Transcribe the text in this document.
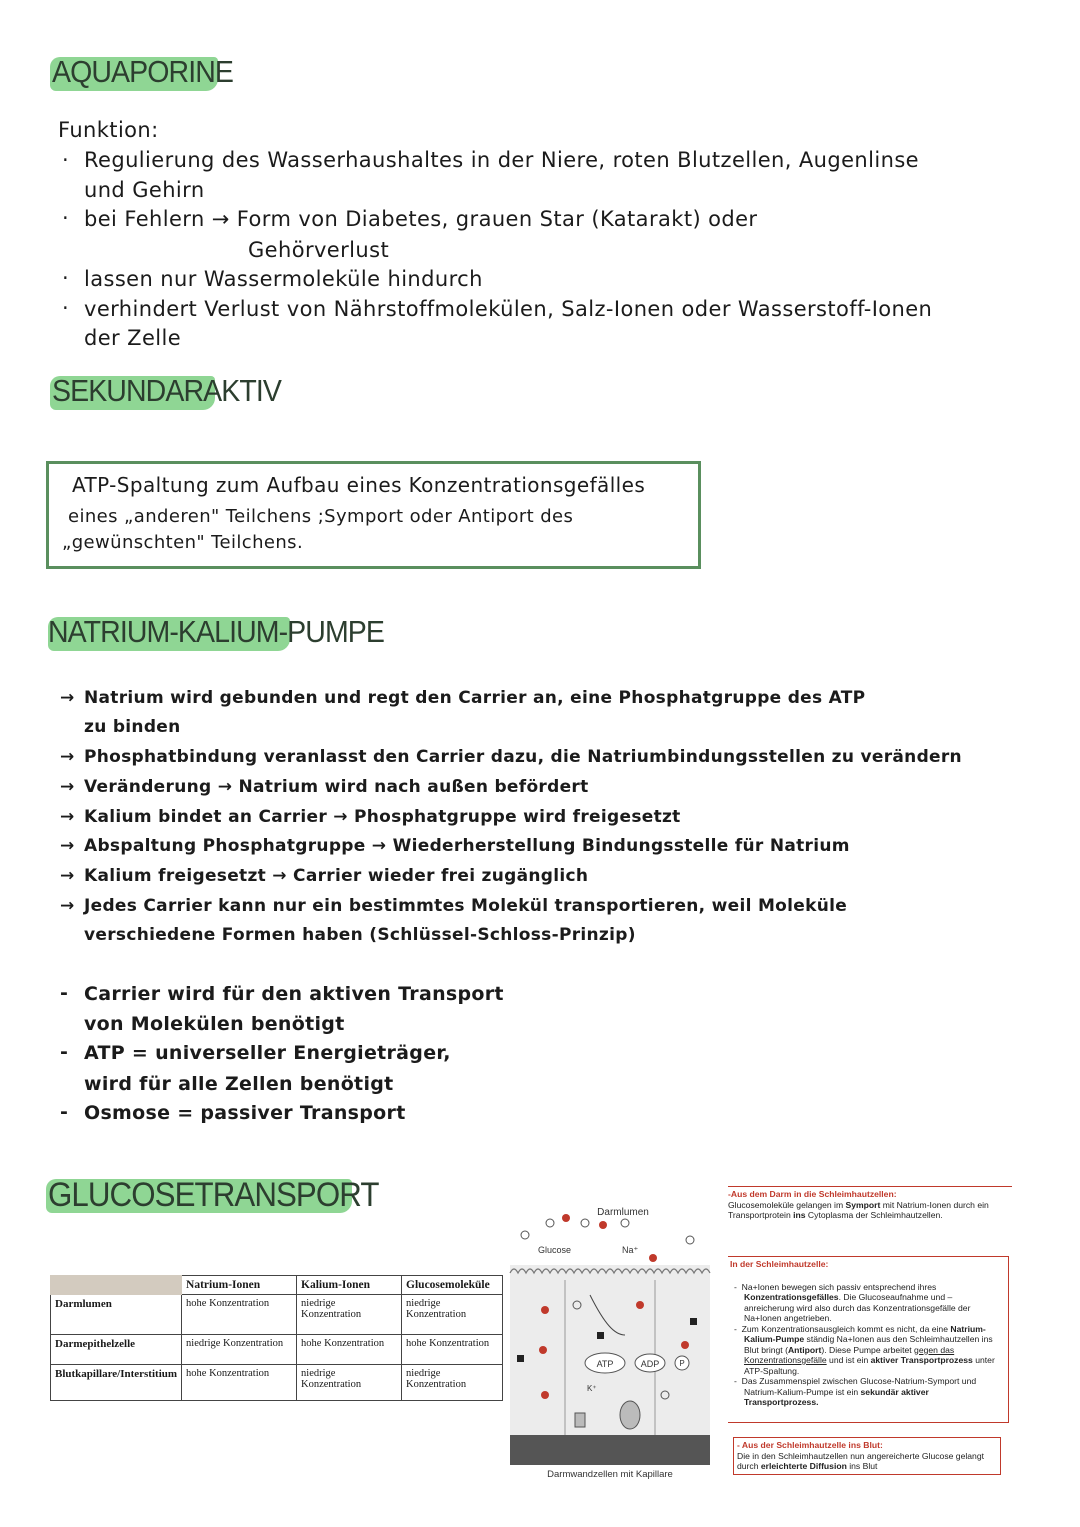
AQUAPORINE
Funktion:
· Regulierung des Wasserhaushaltes in der Niere, roten Blutzellen, Augenlinse
und Gehirn
· bei Fehlern → Form von Diabetes, grauen Star (Katarakt) oder
Gehörverlust
· lassen nur Wassermoleküle hindurch
· verhindert Verlust von Nährstoffmolekülen, Salz-Ionen oder Wasserstoff-Ionen
der Zelle
SEKUNDARAKTIV
ATP-Spaltung zum Aufbau eines Konzentrationsgefälles
eines „anderen" Teilchens ;Symport oder Antiport des
„gewünschten" Teilchens.
NATRIUM-KALIUM-PUMPE
→ Natrium wird gebunden und regt den Carrier an, eine Phosphatgruppe des ATP
zu binden
→ Phosphatbindung veranlasst den Carrier dazu, die Natriumbindungsstellen zu verändern
→ Veränderung → Natrium wird nach außen befördert
→ Kalium bindet an Carrier → Phosphatgruppe wird freigesetzt
→ Abspaltung Phosphatgruppe → Wiederherstellung Bindungsstelle für Natrium
→ Kalium freigesetzt → Carrier wieder frei zugänglich
→ Jedes Carrier kann nur ein bestimmtes Molekül transportieren, weil Moleküle
verschiedene Formen haben (Schlüssel-Schloss-Prinzip)
- Carrier wird für den aktiven Transport
von Molekülen benötigt
- ATP = universeller Energieträger,
wird für alle Zellen benötigt
- Osmose = passiver Transport
GLUCOSETRANSPORT
	Natrium-Ionen	Kalium-Ionen	Glucosemoleküle
Darmlumen	hohe Konzentration	niedrige Konzentration	niedrige Konzentration
Darmepithelzelle	niedrige Konzentration	hohe Konzentration	hohe Konzentration
Blutkapillare/Interstitium	hohe Konzentration	niedrige Konzentration	niedrige Konzentration
Darmlumen
Glucose	Na⁺
ATP	ADP	P
K⁺
Darmwandzellen mit Kapillare
-Aus dem Darm in die Schleimhautzellen:
Glucosemoleküle gelangen im Symport mit Natrium-Ionen durch ein Transportprotein ins Cytoplasma der Schleimhautzellen.
In der Schleimhautzelle:
-  Na+Ionen bewegen sich passiv entsprechend ihres Konzentrationsgefälles. Die Glucoseaufnahme und –anreicherung wird also durch das Konzentrationsgefälle der Na+Ionen angetrieben.
-  Zum Konzentrationsausgleich kommt es nicht, da eine Natrium-Kalium-Pumpe ständig Na+Ionen aus den Schleimhautzellen ins Blut bringt (Antiport). Diese Pumpe arbeitet gegen das Konzentrationsgefälle und ist ein aktiver Transportprozess unter ATP-Spaltung.
-  Das Zusammenspiel zwischen Glucose-Natrium-Symport und Natrium-Kalium-Pumpe ist ein sekundär aktiver Transportprozess.
- Aus der Schleimhautzelle ins Blut:
Die in den Schleimhautzellen nun angereicherte Glucose gelangt durch erleichterte Diffusion ins Blut
